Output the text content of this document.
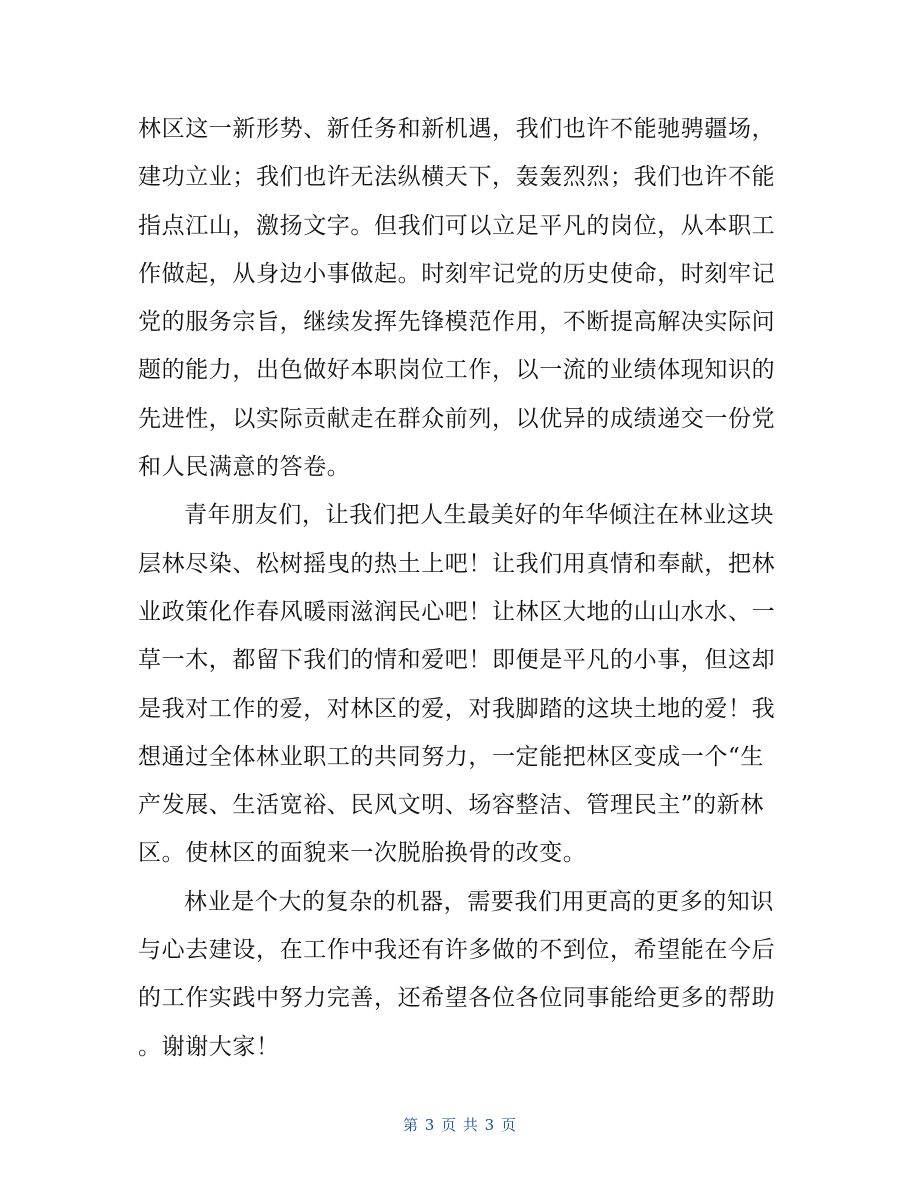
林区这一新形势、新任务和新机遇，我们也许不能驰骋疆场，
建功立业；我们也许无法纵横天下，轰轰烈烈；我们也许不能
指点江山，激扬文字。但我们可以立足平凡的岗位，从本职工
作做起，从身边小事做起。时刻牢记党的历史使命，时刻牢记
党的服务宗旨，继续发挥先锋模范作用，不断提高解决实际问
题的能力，出色做好本职岗位工作，以一流的业绩体现知识的
先进性，以实际贡献走在群众前列，以优异的成绩递交一份党
和人民满意的答卷。
青年朋友们，让我们把人生最美好的年华倾注在林业这块
层林尽染、松树摇曳的热土上吧！让我们用真情和奉献，把林
业政策化作春风暖雨滋润民心吧！让林区大地的山山水水、一
草一木，都留下我们的情和爱吧！即便是平凡的小事，但这却
是我对工作的爱，对林区的爱，对我脚踏的这块土地的爱！我
想通过全体林业职工的共同努力，一定能把林区变成一个“生
产发展、生活宽裕、民风文明、场容整洁、管理民主”的新林
区。使林区的面貌来一次脱胎换骨的改变。
林业是个大的复杂的机器，需要我们用更高的更多的知识
与心去建设，在工作中我还有许多做的不到位，希望能在今后
的工作实践中努力完善，还希望各位各位同事能给更多的帮助
。谢谢大家！
第 3 页 共 3 页
